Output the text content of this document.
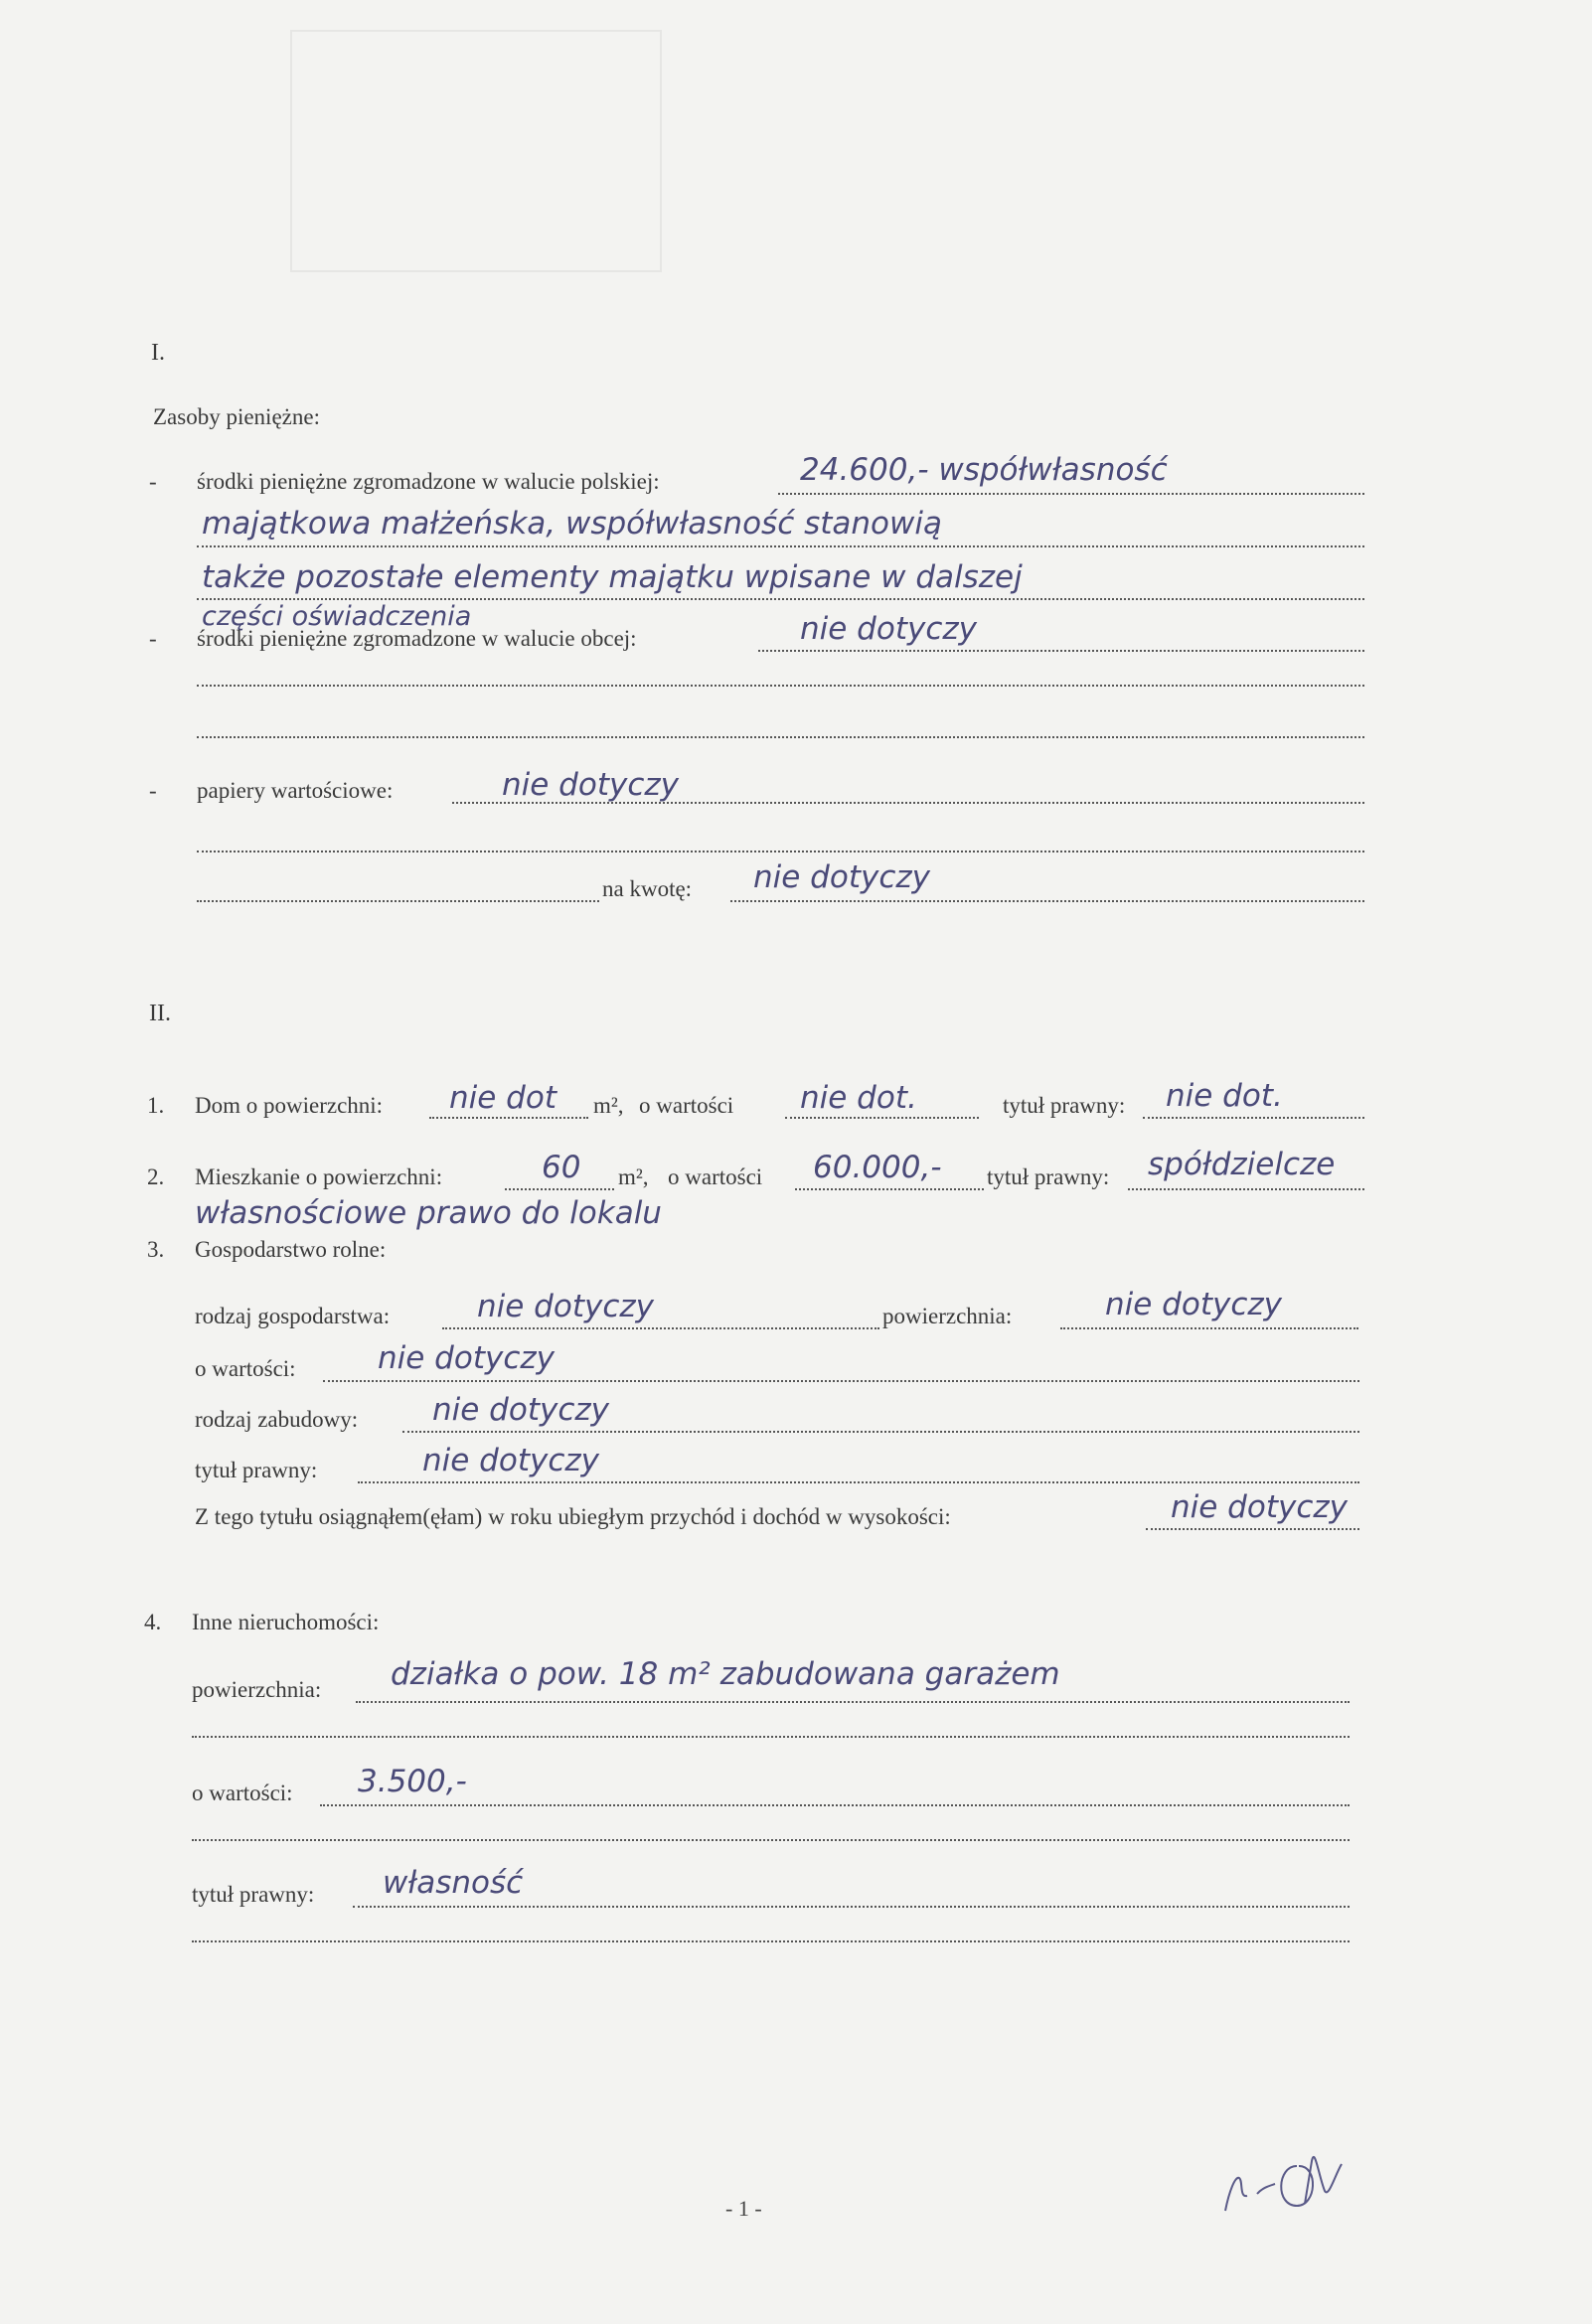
I.
Zasoby pieniężne:
- środki pieniężne zgromadzone w walucie polskiej:	24.600,- współwłasność
majątkowa małżeńska, współwłasność stanowią
także pozostałe elementy majątku wpisane w dalszej
części oświadczenia
- środki pieniężne zgromadzone w walucie obcej:	nie dotyczy
- papiery wartościowe:	nie dotyczy
na kwotę: nie dotyczy
II.
1. Dom o powierzchni: nie dot m², o wartości nie dot.	tytuł prawny: nie dot.
2. Mieszkanie o powierzchni:	60 m², o wartości 60.000,- tytuł prawny: spółdzielcze
własnościowe prawo do lokalu
3. Gospodarstwo rolne:
rodzaj gospodarstwa:	nie dotyczy	powierzchnia:	nie dotyczy
o wartości:	nie dotyczy
rodzaj zabudowy: nie dotyczy
tytuł prawny:	nie dotyczy
Z tego tytułu osiągnąłem(ęłam) w roku ubiegłym przychód i dochód w wysokości:	nie dotyczy
4. Inne nieruchomości:
powierzchnia: działka o pow. 18 m² zabudowana garażem
o wartości: 3.500,-
tytuł prawny: własność
- 1 -
